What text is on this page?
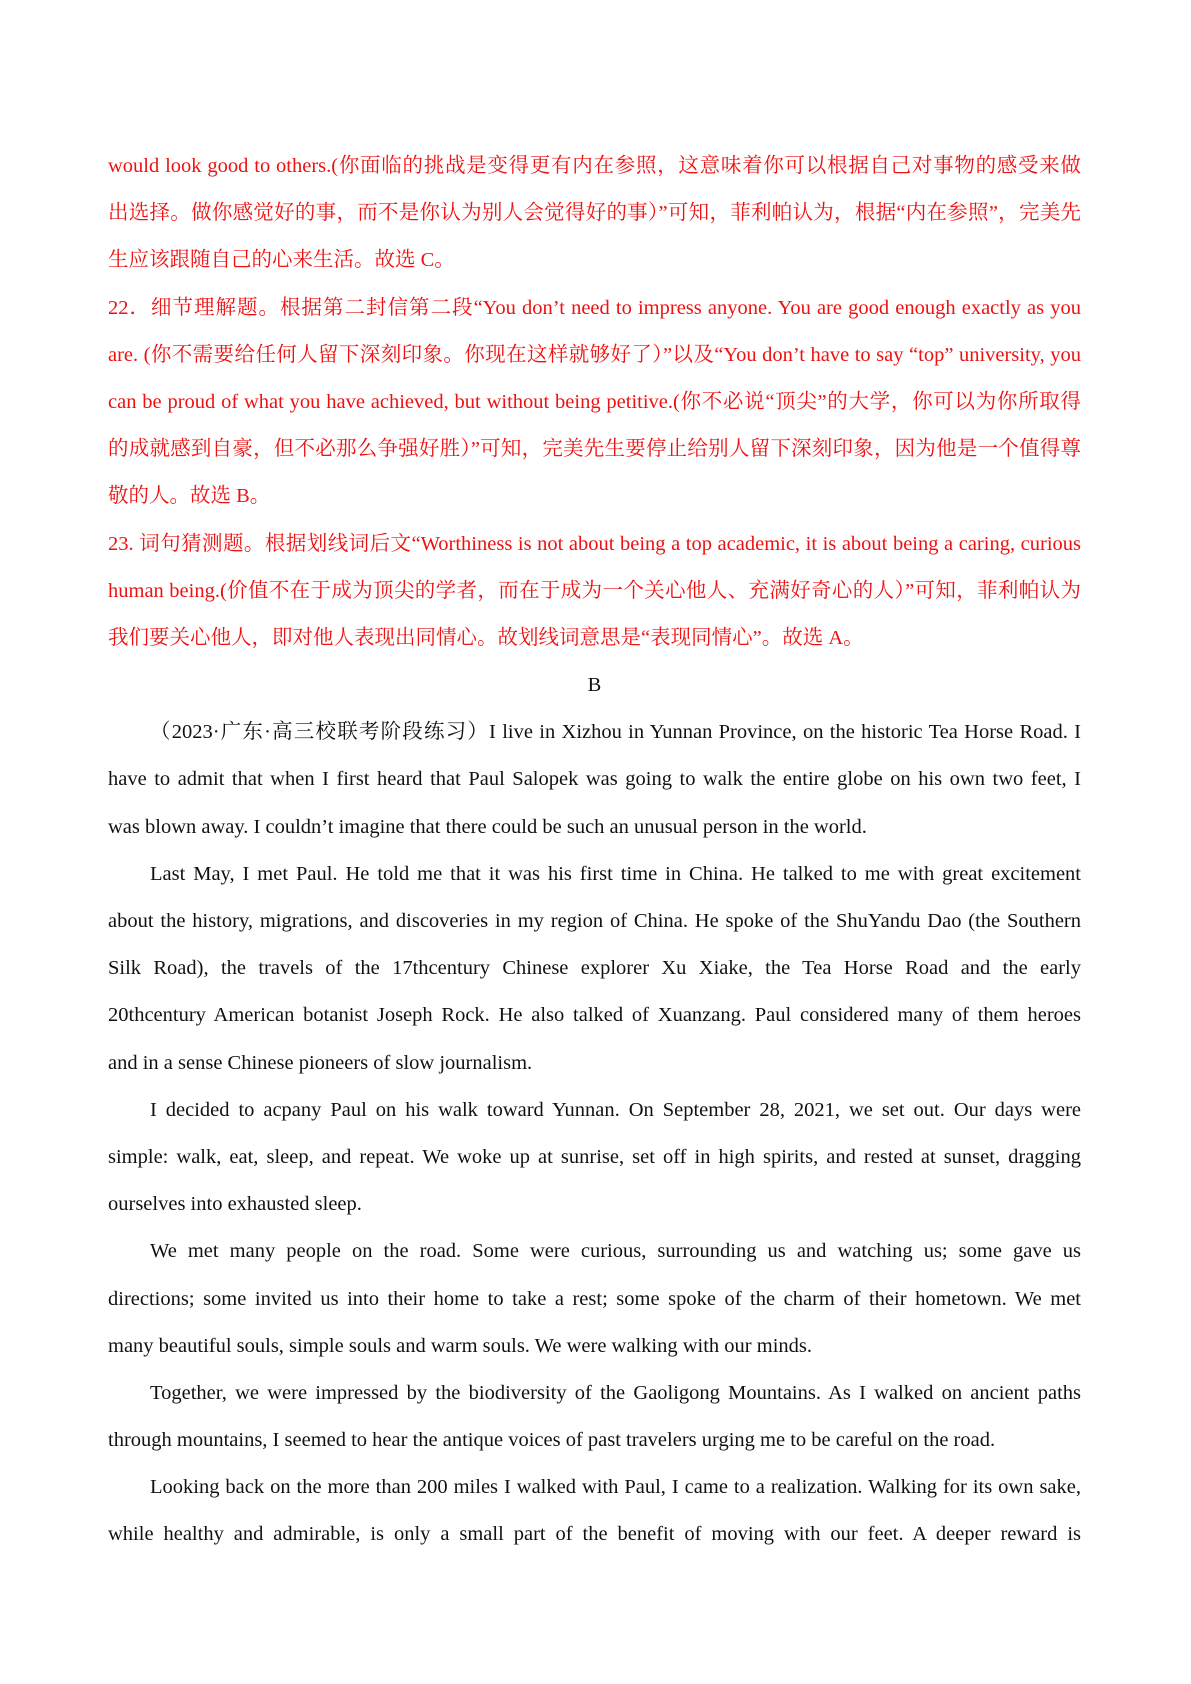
would look good to others.(你面临的挑战是变得更有内在参照，这意味着你可以根据自己对事物的感受来做
出选择。做你感觉好的事，而不是你认为别人会觉得好的事）”可知，菲利帕认为，根据“内在参照”，完美先
生应该跟随自己的心来生活。故选 C。
22．细节理解题。根据第二封信第二段“You don’t need to impress anyone. You are good enough exactly as you
are. (你不需要给任何人留下深刻印象。你现在这样就够好了）”以及“You don’t have to say “top” university, you
can be proud of what you have achieved, but without being petitive.(你不必说“顶尖”的大学，你可以为你所取得
的成就感到自豪，但不必那么争强好胜）”可知，完美先生要停止给别人留下深刻印象，因为他是一个值得尊
敬的人。故选 B。
23. 词句猜测题。根据划线词后文“Worthiness is not about being a top academic, it is about being a caring, curious
human being.(价值不在于成为顶尖的学者，而在于成为一个关心他人、充满好奇心的人）”可知，菲利帕认为
我们要关心他人，即对他人表现出同情心。故划线词意思是“表现同情心”。故选 A。
B
（2023·广东·高三校联考阶段练习）I live in Xizhou in Yunnan Province, on the historic Tea Horse Road. I
have to admit that when I first heard that Paul Salopek was going to walk the entire globe on his own two feet, I
was blown away. I couldn’t imagine that there could be such an unusual person in the world.
Last May, I met Paul. He told me that it was his first time in China. He talked to me with great excitement
about the history, migrations, and discoveries in my region of China. He spoke of the ShuYandu Dao (the Southern
Silk Road), the travels of the 17thcentury Chinese explorer Xu Xiake, the Tea Horse Road and the early
20thcentury American botanist Joseph Rock. He also talked of Xuanzang. Paul considered many of them heroes
and in a sense Chinese pioneers of slow journalism.
I decided to acpany Paul on his walk toward Yunnan. On September 28, 2021, we set out. Our days were
simple: walk, eat, sleep, and repeat. We woke up at sunrise, set off in high spirits, and rested at sunset, dragging
ourselves into exhausted sleep.
We met many people on the road. Some were curious, surrounding us and watching us; some gave us
directions; some invited us into their home to take a rest; some spoke of the charm of their hometown. We met
many beautiful souls, simple souls and warm souls. We were walking with our minds.
Together, we were impressed by the biodiversity of the Gaoligong Mountains. As I walked on ancient paths
through mountains, I seemed to hear the antique voices of past travelers urging me to be careful on the road.
Looking back on the more than 200 miles I walked with Paul, I came to a realization. Walking for its own sake,
while healthy and admirable, is only a small part of the benefit of moving with our feet. A deeper reward is
